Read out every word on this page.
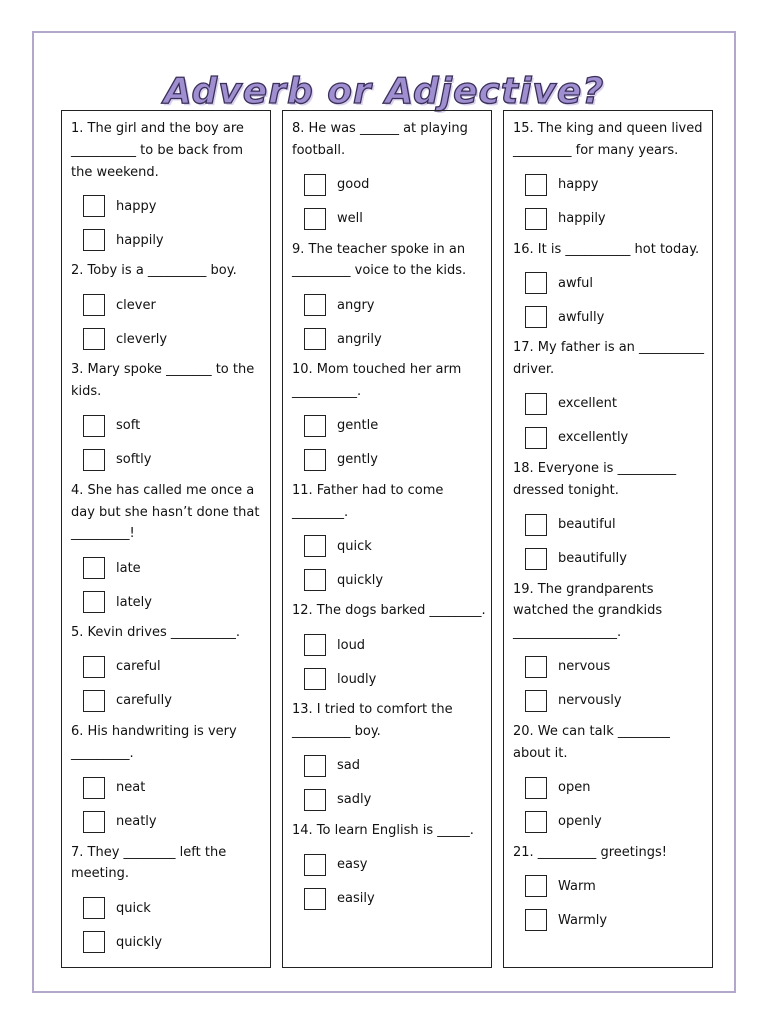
Adverb or Adjective?

1. The girl and the boy are __________ to be back from the weekend.

happy
happily

2. Toby is a _________ boy.

clever
cleverly

3. Mary spoke _______ to the kids.

soft
softly

4. She has called me once a day but she hasn’t done that _________!

late
lately

5. Kevin drives __________.

careful
carefully

6. His handwriting is very _________.

neat
neatly

7. They ________ left the meeting.

quick
quickly

8. He was ______ at playing football.

good
well

9. The teacher spoke in an _________ voice to the kids.

angry
angrily

10. Mom touched her arm __________.

gentle
gently

11. Father had to come ________.

quick
quickly

12. The dogs barked ________.

loud
loudly

13. I tried to comfort the _________ boy.

sad
sadly

14. To learn English is _____.

easy
easily

15. The king and queen lived _________ for many years.

happy
happily

16. It is __________ hot today.

awful
awfully

17. My father is an __________ driver.

excellent
excellently

18. Everyone is _________ dressed tonight.

beautiful
beautifully

19. The grandparents watched the grandkids ________________.

nervous
nervously

20. We can talk ________ about it.

open
openly

21. _________ greetings!

Warm
Warmly
